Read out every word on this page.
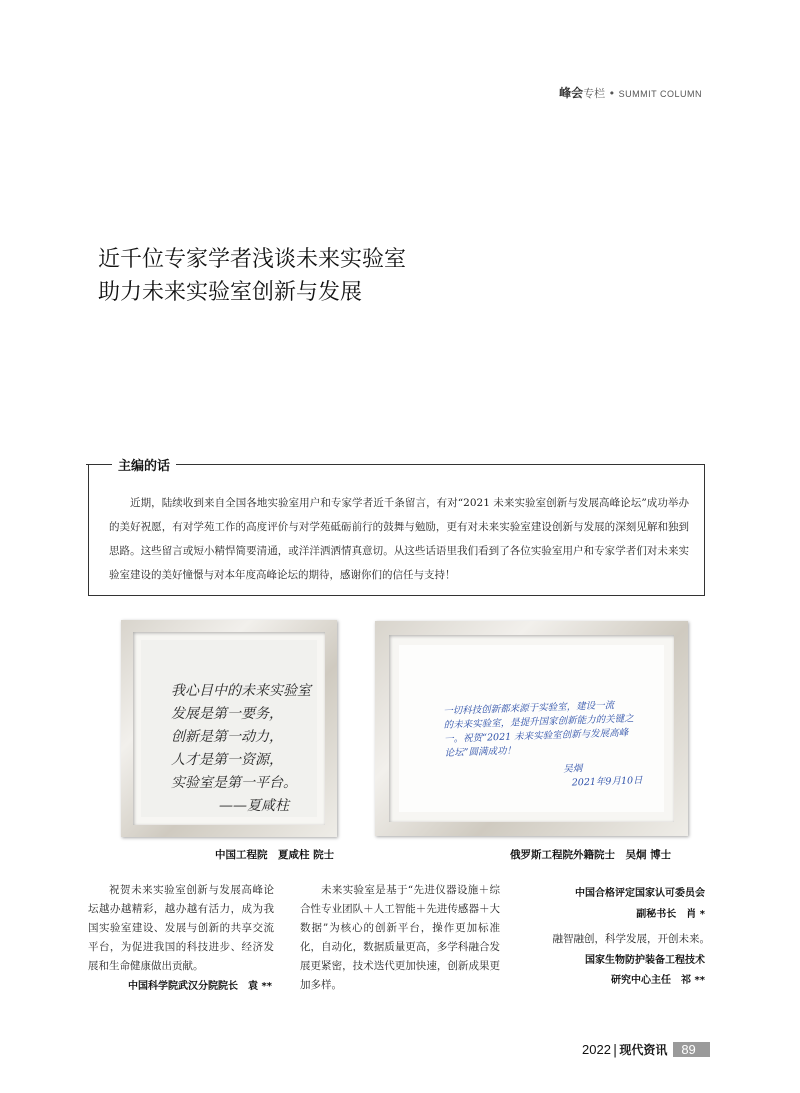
峰会专栏 • SUMMIT COLUMN
近千位专家学者浅谈未来实验室
助力未来实验室创新与发展
主编的话

近期，陆续收到来自全国各地实验室用户和专家学者近千条留言，有对“2021 未来实验室创新与发展高峰论坛”成功举办的美好祝愿，有对学苑工作的高度评价与对学苑砥砺前行的鼓舞与勉励，更有对未来实验室建设创新与发展的深刻见解和独到思路。这些留言或短小精悍简要清通，或洋洋洒洒情真意切。从这些话语里我们看到了各位实验室用户和专家学者们对未来实验室建设的美好憧憬与对本年度高峰论坛的期待，感谢你们的信任与支持！

我心目中的未来实验室
发展是第一要务，
创新是第一动力，
人才是第一资源，
实验室是第一平台。
——夏咸柱
一切科技创新都来源于实验室，建设一流
的未来实验室，是提升国家创新能力的关键之
一。祝贺“2021 未来实验室创新与发展高峰
论坛”圆满成功！
吴炯
2021年9月10日
中国工程院　夏咸柱 院士	俄罗斯工程院外籍院士　吴炯 博士

祝贺未来实验室创新与发展高峰论坛越办越精彩，越办越有活力，成为我国实验室建设、发展与创新的共享交流平台，为促进我国的科技进步、经济发展和生命健康做出贡献。

中国科学院武汉分院院长　袁 **

未来实验室是基于“先进仪器设施＋综合性专业团队＋人工智能＋先进传感器＋大数据”为核心的创新平台，操作更加标准化，自动化，数据质量更高，多学科融合发展更紧密，技术迭代更加快速，创新成果更加多样。

中国合格评定国家认可委员会
副秘书长　肖 *

融智融创，科学发展，开创未来。

国家生物防护装备工程技术
研究中心主任　祁 **
2022 | 现代资讯 89
